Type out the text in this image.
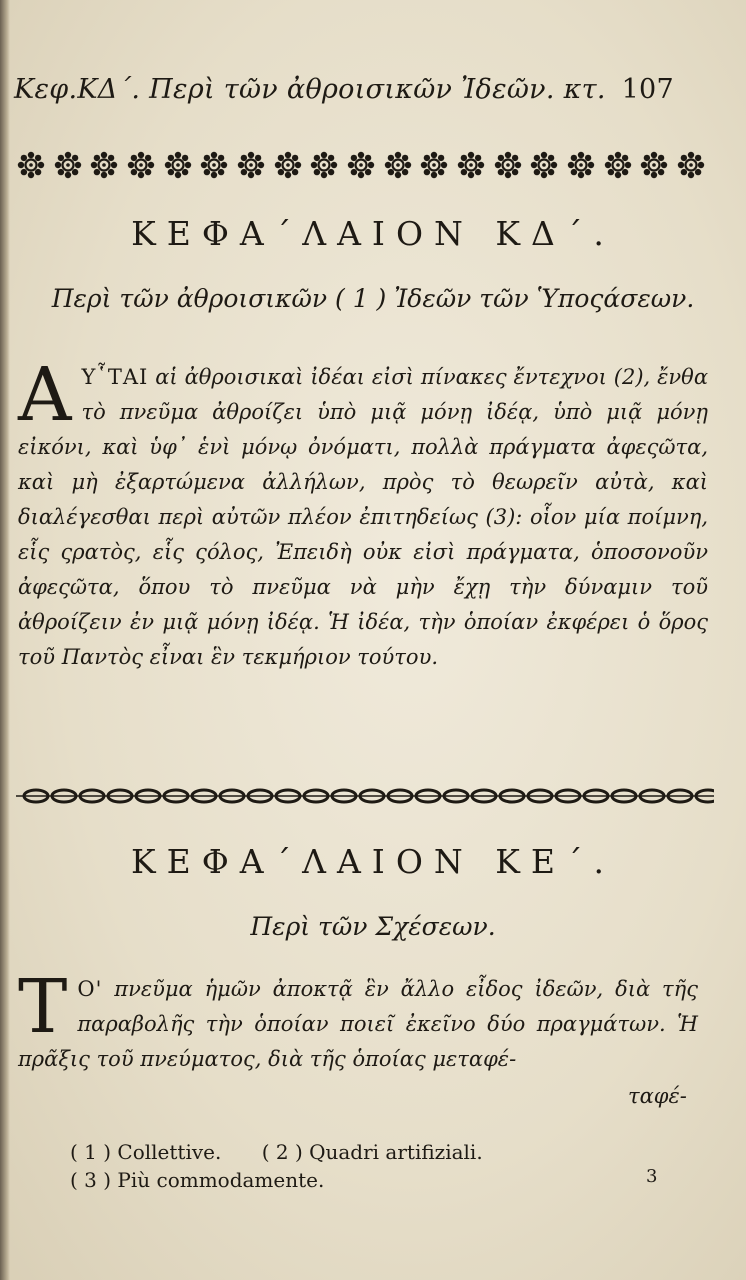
Κεφ.ΚΔ΄. Περὶ τῶν ἀθροισικῶν Ἰδεῶν. κτ. 107
ΚΕΦΑ΄ΛΑΙΟΝ ΚΔ΄.
Περὶ τῶν ἀθροισικῶν ( 1 ) Ἰδεῶν τῶν Ὑποςάσεων.
A Υ῟ΤΑΙ αἱ ἀθροισικαὶ ἰδέαι εἰσὶ πίνακες ἔντεχνοι (2), ἔνθα τὸ πνεῦμα ἀθροίζει ὑπὸ μιᾷ μόνῃ ἰδέᾳ, ὑπὸ μιᾷ μόνῃ εἰκόνι, καὶ ὑφ᾽ ἑνὶ μόνῳ ὀνόματι, πολλὰ πράγματα ἀφεςῶτα, καὶ μὴ ἐξαρτώμενα ἀλλήλων, πρὸς τὸ θεωρεῖν αὐτὰ, καὶ διαλέγεσθαι περὶ αὐτῶν πλέον ἐπιτηδείως (3): οἷον μία ποίμνη, εἷς ςρατὸς, εἷς ςόλος, Ἐπειδὴ οὐκ εἰσὶ πράγματα, ὁποσονοῦν ἀφεςῶτα, ὅπου τὸ πνεῦμα νὰ μὴν ἔχῃ τὴν δύναμιν τοῦ ἀθροίζειν ἐν μιᾷ μόνῃ ἰδέᾳ. Ἡ ἰδέα, τὴν ὁποίαν ἐκφέρει ὁ ὅρος τοῦ Παντὸς εἶναι ἓν τεκμήριον τούτου.
ΚΕΦΑ΄ΛΑΙΟΝ ΚΕ΄.
Περὶ τῶν Σχέσεων.
T Ο' πνεῦμα ἡμῶν ἀποκτᾷ ἓν ἄλλο εἶδος ἰδεῶν, διὰ τῆς παραβολῆς τὴν ὁποίαν ποιεῖ ἐκεῖνο δύο πραγμάτων. Ἡ πρᾶξις τοῦ πνεύματος, διὰ τῆς ὁποίας μεταφέ-
ταφέ-
( 1 ) Collettive. ( 2 ) Quadri artifiziali.
( 3 ) Più commodamente.	3
